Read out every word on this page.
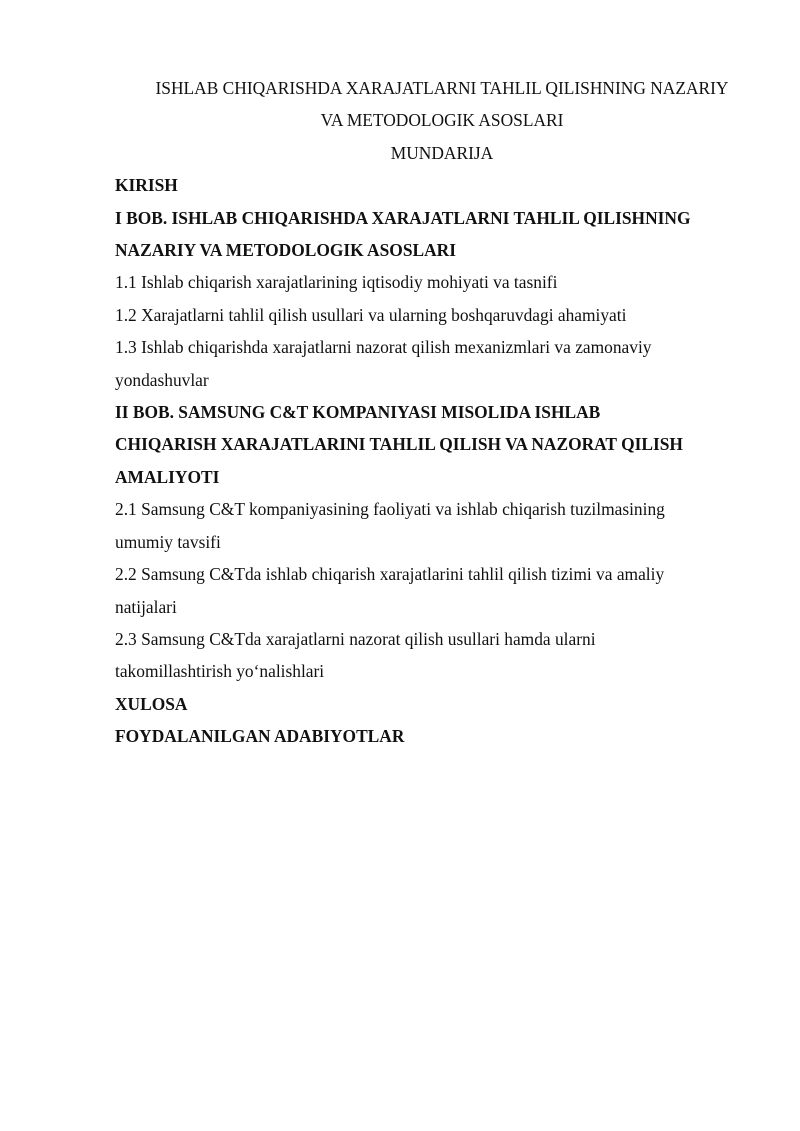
ISHLAB CHIQARISHDA XARAJATLARNI TAHLIL QILISHNING NAZARIY
VA METODOLOGIK ASOSLARI
MUNDARIJA
KIRISH
I BOB. ISHLAB CHIQARISHDA XARAJATLARNI TAHLIL QILISHNING
NAZARIY VA METODOLOGIK ASOSLARI
1.1 Ishlab chiqarish xarajatlarining iqtisodiy mohiyati va tasnifi
1.2 Xarajatlarni tahlil qilish usullari va ularning boshqaruvdagi ahamiyati
1.3 Ishlab chiqarishda xarajatlarni nazorat qilish mexanizmlari va zamonaviy
yondashuvlar
II BOB. SAMSUNG C&T KOMPANIYASI MISOLIDA ISHLAB
CHIQARISH XARAJATLARINI TAHLIL QILISH VA NAZORAT QILISH
AMALIYOTI
2.1 Samsung C&T kompaniyasining faoliyati va ishlab chiqarish tuzilmasining
umumiy tavsifi
2.2 Samsung C&Tda ishlab chiqarish xarajatlarini tahlil qilish tizimi va amaliy
natijalari
2.3 Samsung C&Tda xarajatlarni nazorat qilish usullari hamda ularni
takomillashtirish yo‘nalishlari
XULOSA
FOYDALANILGAN ADABIYOTLAR
